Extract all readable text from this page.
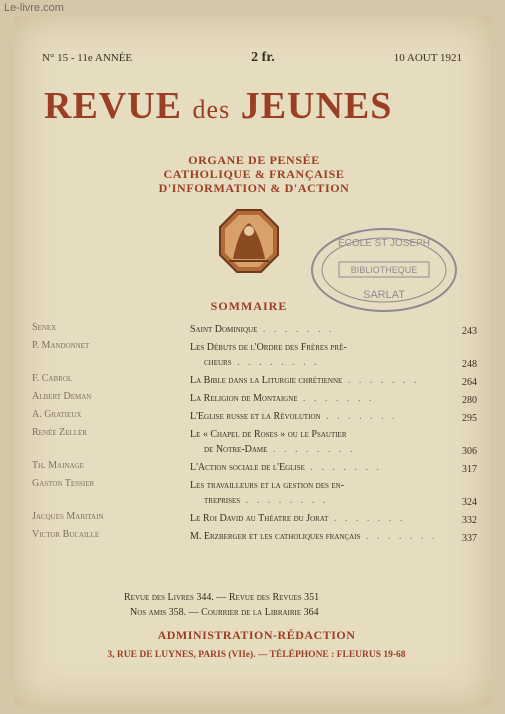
Le-livre.com
N° 15 - 11e ANNÉE	2 fr.	10 AOUT 1921
REVUE des JEUNES
ORGANE DE PENSÉE
CATHOLIQUE & FRANÇAISE
D'INFORMATION & D'ACTION
ECOLE ST JOSEPH
BIBLIOTHEQUE
SARLAT
SOMMAIRE
Senex	Saint Dominique . . . . . . .	243
P. Mandonnet	Les Débuts de l'Ordre des Frères prê-
cheurs . . . . . . . .	248
F. Cabrol	La Bible dans la Liturgie chrétienne . . . . . . .	264
Albert Deman	La Religion de Montaigne . . . . . . .	280
A. Gratieux	L'Eglise russe et la Révolution . . . . . . .	295
Renée Zeller	Le « Chapel de Roses » ou le Psautier
de Notre-Dame . . . . . . . .	306
Th. Mainage	L'Action sociale de l'Eglise . . . . . . .	317
Gaston Tessier	Les travailleurs et la gestion des en-
treprises . . . . . . . .	324
Jacques Maritain	Le Roi David au Théatre du Jorat . . . . . . .	332
Victor Bucaille	M. Erzberger et les catholiques français . . . . . . .	337
Revue des Livres 344. — Revue des Revues 351
Nos amis 358. — Courrier de la Librairie 364
ADMINISTRATION-RÉDACTION
3, RUE DE LUYNES, PARIS (VIIe). — TÉLÉPHONE : FLEURUS 19-68
